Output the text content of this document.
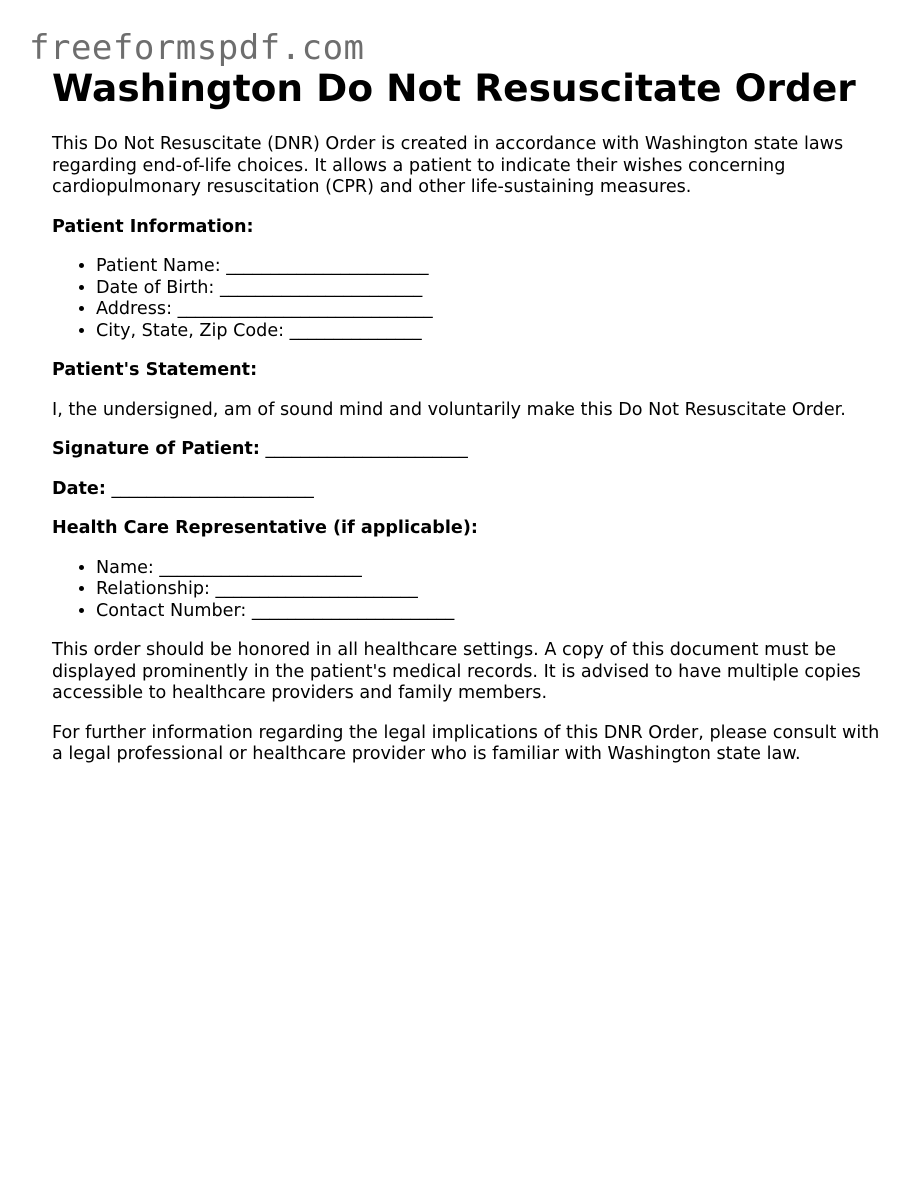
freeformspdf.com
Washington Do Not Resuscitate Order

This Do Not Resuscitate (DNR) Order is created in accordance with Washington state laws regarding end-of-life choices. It allows a patient to indicate their wishes concerning cardiopulmonary resuscitation (CPR) and other life-sustaining measures.

Patient Information:

• Patient Name: _______________________
• Date of Birth: _______________________
• Address: _____________________________
• City, State, Zip Code: _______________

Patient's Statement:

I, the undersigned, am of sound mind and voluntarily make this Do Not Resuscitate Order.

Signature of Patient: _______________________

Date: _______________________

Health Care Representative (if applicable):

• Name: _______________________
• Relationship: _______________________
• Contact Number: _______________________

This order should be honored in all healthcare settings. A copy of this document must be displayed prominently in the patient's medical records. It is advised to have multiple copies accessible to healthcare providers and family members.

For further information regarding the legal implications of this DNR Order, please consult with a legal professional or healthcare provider who is familiar with Washington state law.
